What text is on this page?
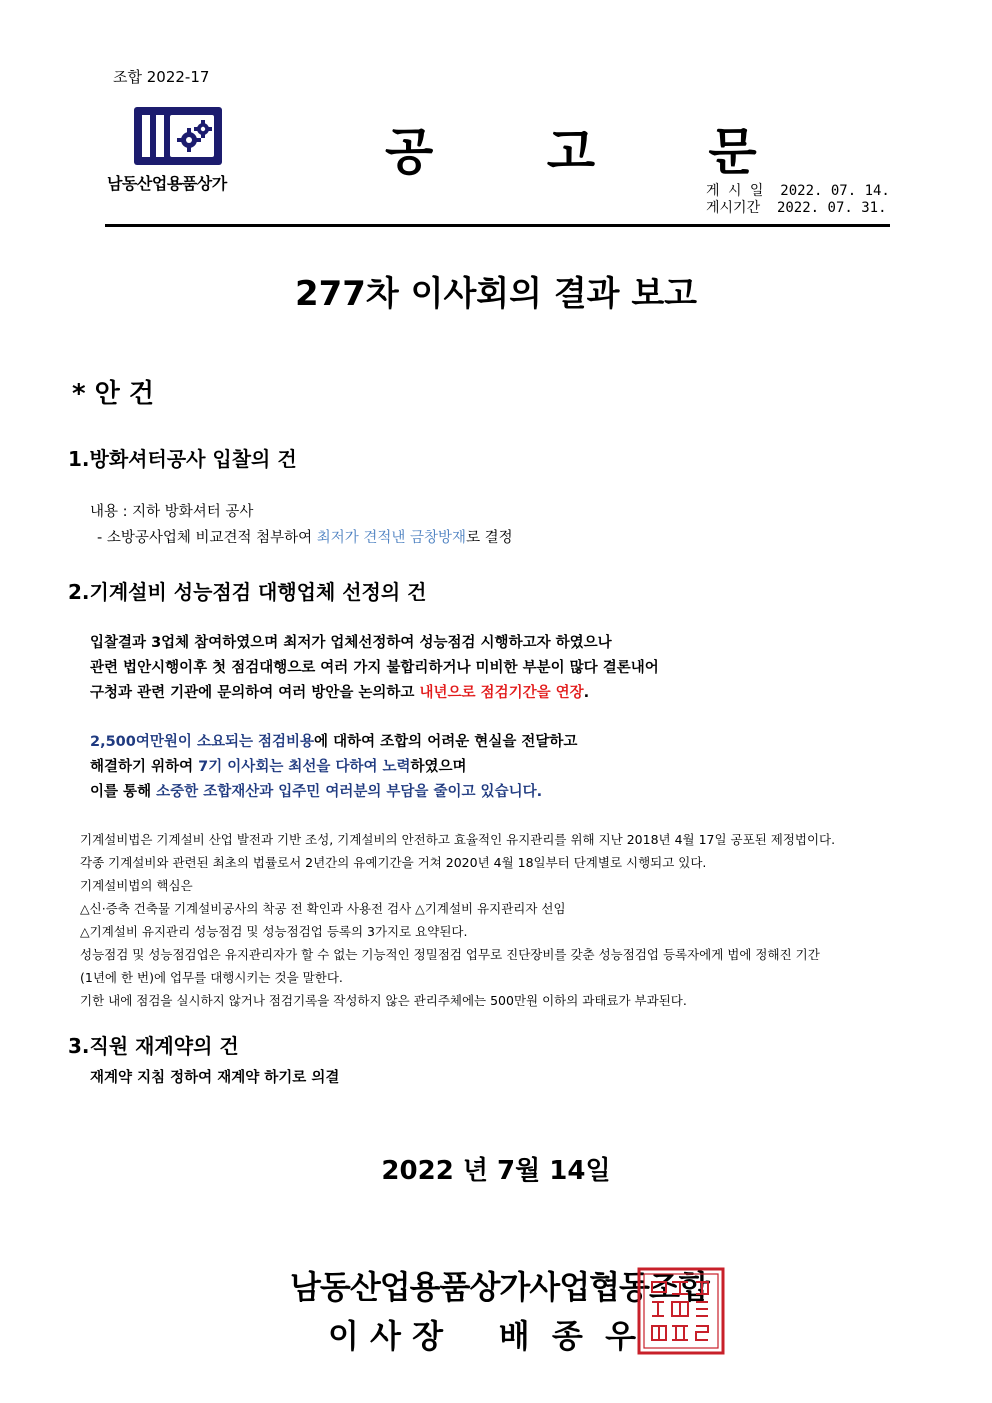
조합 2022-17
남동산업용품상가
공 고 문
게 시 일  2022. 07. 14.
게시기간  2022. 07. 31.
277차 이사회의 결과 보고
* 안 건
1.방화셔터공사 입찰의 건
내용 : 지하 방화셔터 공사
- 소방공사업체 비교견적 첨부하여 최저가 견적낸 금창방재로 결정
2.기계설비 성능점검 대행업체 선정의 건
입찰결과 3업체 참여하였으며 최저가 업체선정하여 성능점검 시행하고자 하였으나
관련 법안시행이후 첫 점검대행으로 여러 가지 불합리하거나 미비한 부분이 많다 결론내어
구청과 관련 기관에 문의하여 여러 방안을 논의하고 내년으로 점검기간을 연장.
2,500여만원이 소요되는 점검비용에 대하여 조합의 어려운 현실을 전달하고
해결하기 위하여 7기 이사회는 최선을 다하여 노력하였으며
이를 통해 소중한 조합재산과 입주민 여러분의 부담을 줄이고 있습니다.
기계설비법은 기계설비 산업 발전과 기반 조성, 기계설비의 안전하고 효율적인 유지관리를 위해 지난 2018년 4월 17일 공포된 제정법이다.
각종 기계설비와 관련된 최초의 법률로서 2년간의 유예기간을 거쳐 2020년 4월 18일부터 단계별로 시행되고 있다.
기계설비법의 핵심은
△신·증축 건축물 기계설비공사의 착공 전 확인과 사용전 검사 △기계설비 유지관리자 선임
△기계설비 유지관리 성능점검 및 성능점검업 등록의 3가지로 요약된다.
성능점검 및 성능점검업은 유지관리자가 할 수 없는 기능적인 정밀점검 업무로 진단장비를 갖춘 성능점검업 등록자에게 법에 정해진 기간
(1년에 한 번)에 업무를 대행시키는 것을 말한다.
기한 내에 점검을 실시하지 않거나 점검기록을 작성하지 않은 관리주체에는 500만원 이하의 과태료가 부과된다.
3.직원 재계약의 건
재계약 지침 정하여 재계약 하기로 의결
2022 년 7월 14일
남동산업용품상가사업협동조합
이 사 장     배  종  우
